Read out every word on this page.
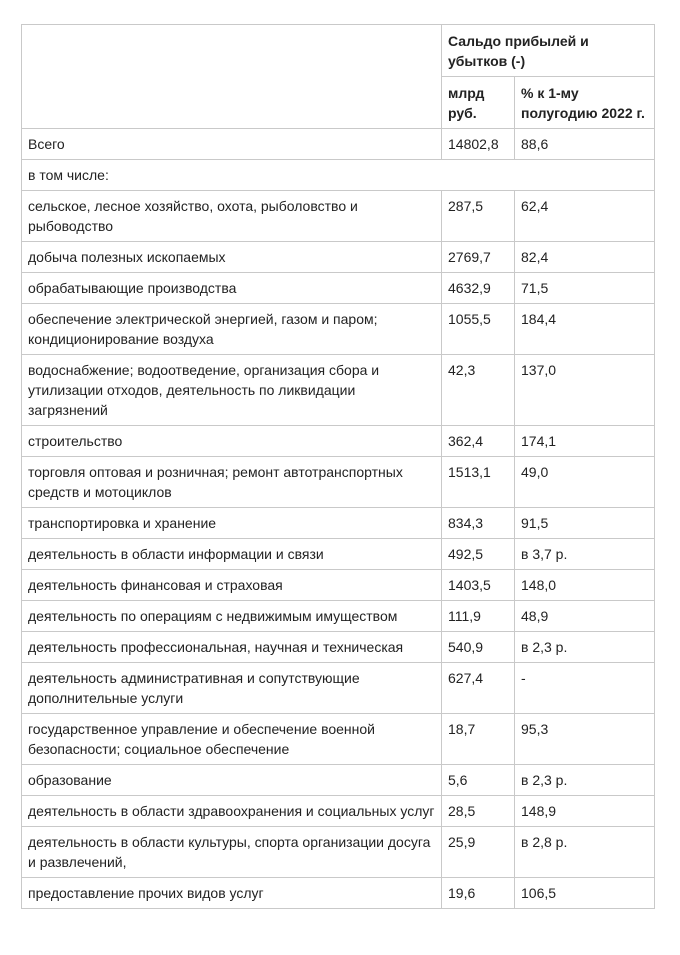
	Сальдо прибылей и убытков (-)	
	млрд руб.	% к 1-му полугодию 2022 г.
Всего	14802,8	88,6
в том числе:		
сельское, лесное хозяйство, охота, рыболовство и рыбоводство	287,5	62,4
добыча полезных ископаемых	2769,7	82,4
обрабатывающие производства	4632,9	71,5
обеспечение электрической энергией, газом и паром; кондиционирование воздуха	1055,5	184,4
водоснабжение; водоотведение, организация сбора и утилизации отходов, деятельность по ликвидации загрязнений	42,3	137,0
строительство	362,4	174,1
торговля оптовая и розничная; ремонт автотранспортных средств и мотоциклов	1513,1	49,0
транспортировка и хранение	834,3	91,5
деятельность в области информации и связи	492,5	в 3,7 р.
деятельность финансовая и страховая	1403,5	148,0
деятельность по операциям с недвижимым имуществом	111,9	48,9
деятельность профессиональная, научная и техническая	540,9	в 2,3 р.
деятельность административная и сопутствующие дополнительные услуги	627,4	-
государственное управление и обеспечение военной безопасности; социальное обеспечение	18,7	95,3
образование	5,6	в 2,3 р.
деятельность в области здравоохранения и социальных услуг	28,5	148,9
деятельность в области культуры, спорта организации досуга и развлечений,	25,9	в 2,8 р.
предоставление прочих видов услуг	19,6	106,5
